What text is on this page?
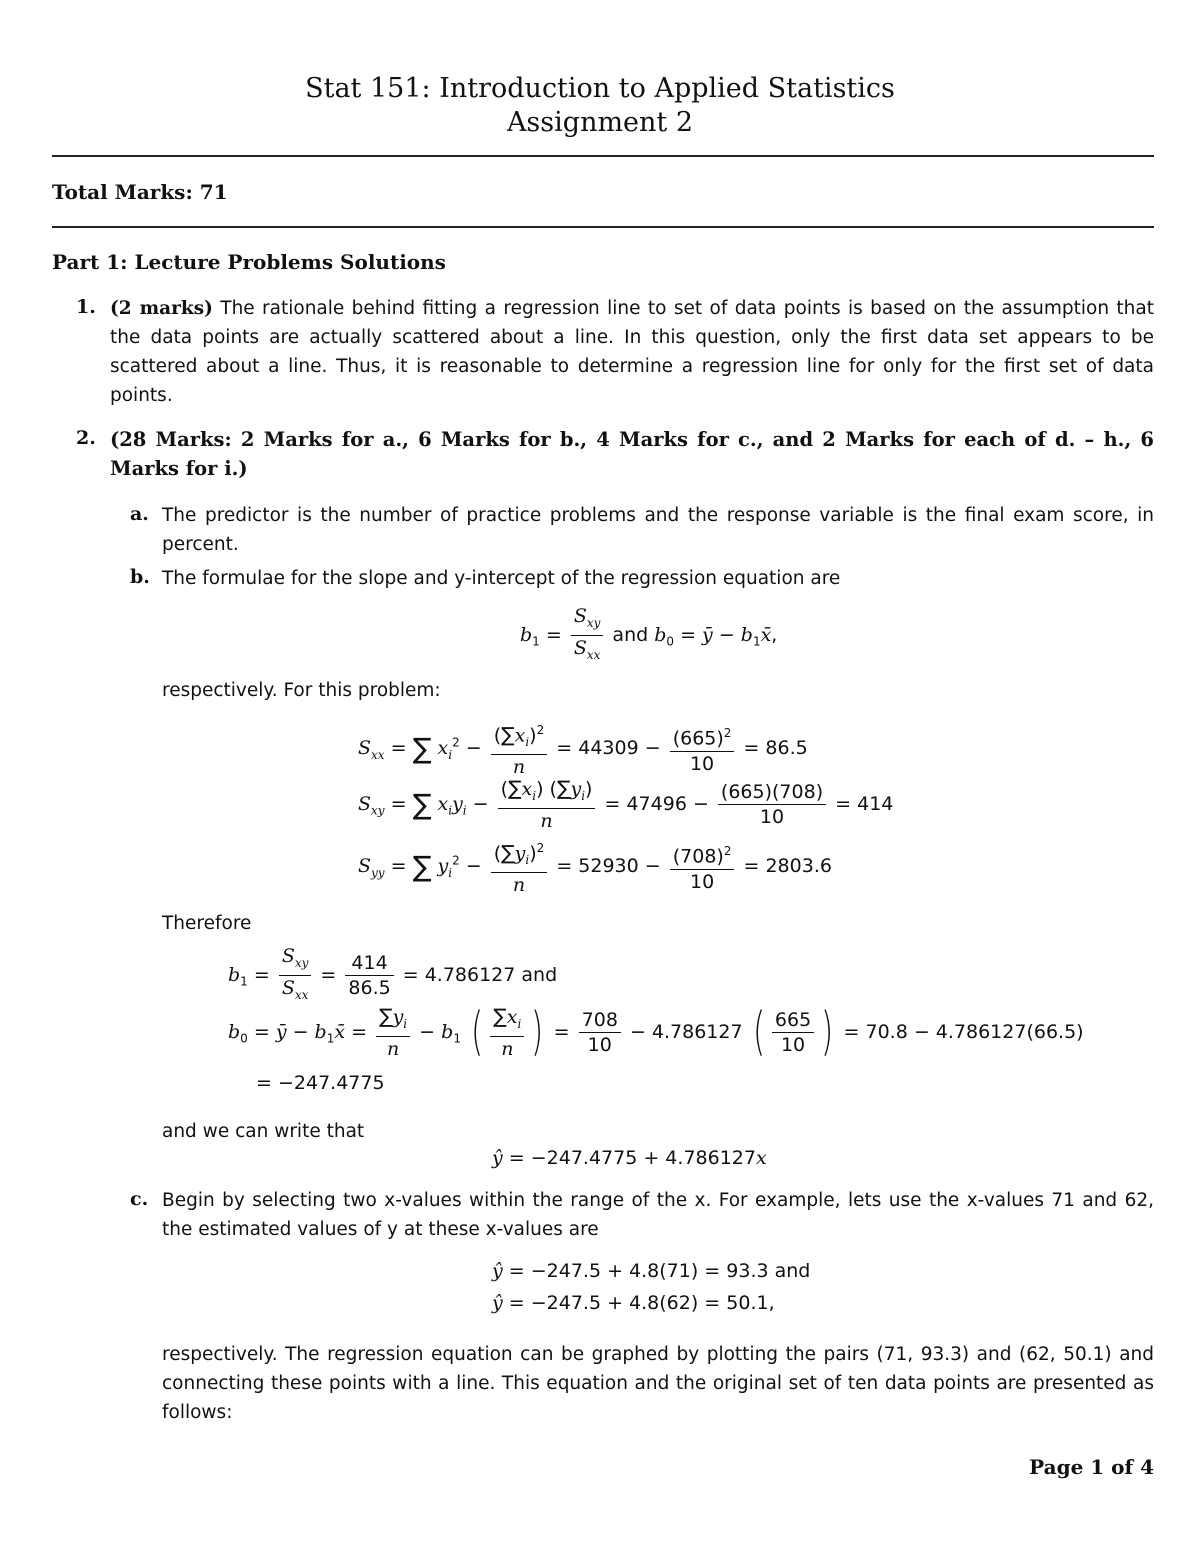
Stat 151: Introduction to Applied Statistics
Assignment 2
Total Marks: 71
Part 1: Lecture Problems Solutions
1. (2 marks) The rationale behind fitting a regression line to set of data points is based on the assumption that the data points are actually scattered about a line. In this question, only the first data set appears to be scattered about a line. Thus, it is reasonable to determine a regression line for only for the first set of data points.
2. (28 Marks: 2 Marks for a., 6 Marks for b., 4 Marks for c., and 2 Marks for each of d. – h., 6 Marks for i.)
a. The predictor is the number of practice problems and the response variable is the final exam score, in percent.
b. The formulae for the slope and y-intercept of the regression equation are
$b_1 = \frac{S_{xy}}{S_{xx}}$ and $b_0$ = ȳ − $b_1x̄$,
respectively. For this problem:
$S_{xx}$ = ∑ $x_i^2 - \frac{(\sum x_i)^2}{n} = 44309 - \frac{(665)^2}{10} = 86.5$
$S_{xy}$ = ∑ $x_iy_i - \frac{(\sum x_i) (\sum y_i)}{n} = 47496 - \frac{(665)(708)}{10} = 414$
$S_{yy}$ = ∑ $y_i^2 - \frac{(\sum y_i)^2}{n} = 52930 - \frac{(708)^2}{10} = 2803.6$
Therefore
$b_1 = \frac{S_{xy}}{S_{xx}} = \frac{414}{86.5} = 4.786127$ and
$b_0$ = ȳ − $b_1x̄ = \frac{\sum y_i}{n} - b_1$ ( $\frac{\sum x_i}{n}$ ) = $\frac{708}{10} - 4.786127$ ( $\frac{665}{10}$ ) = 70.8 − 4.786127(66.5)
= −247.4775
and we can write that
ŷ = −247.4775 + 4.786127x
c. Begin by selecting two x-values within the range of the x. For example, lets use the x-values 71 and 62, the estimated values of y at these x-values are
ŷ = −247.5 + 4.8(71) = 93.3 and
ŷ = −247.5 + 4.8(62) = 50.1,
respectively. The regression equation can be graphed by plotting the pairs (71, 93.3) and (62, 50.1) and connecting these points with a line. This equation and the original set of ten data points are presented as follows:
Page 1 of 4
